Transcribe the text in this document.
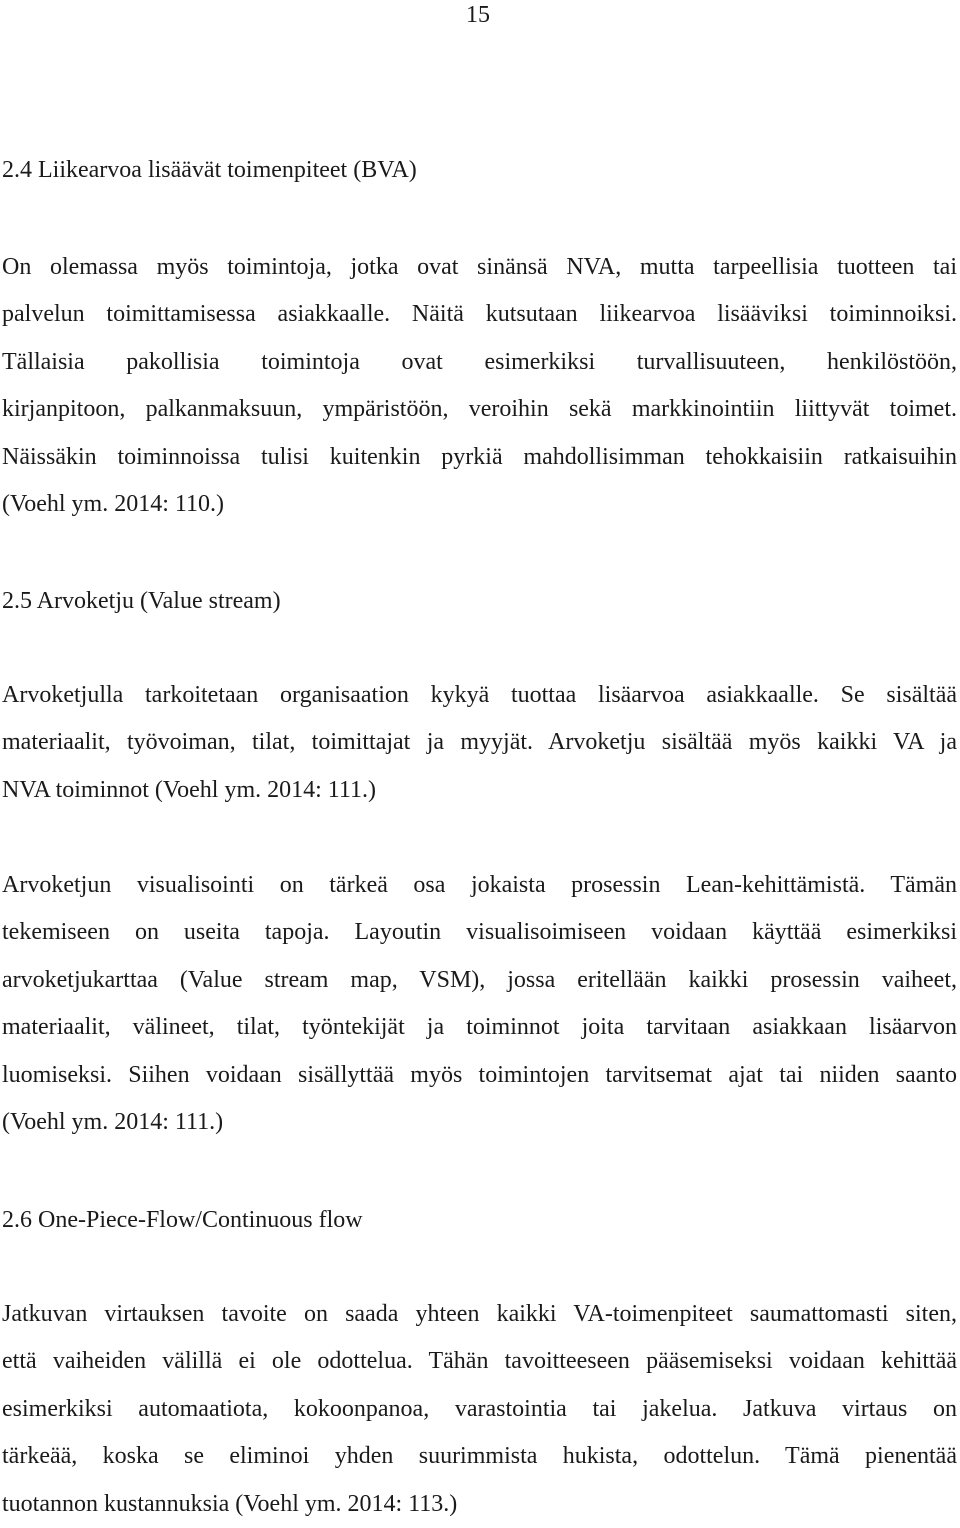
15
2.4 Liikearvoa lisäävät toimenpiteet (BVA)
On olemassa myös toimintoja, jotka ovat sinänsä NVA, mutta tarpeellisia tuotteen tai
palvelun toimittamisessa asiakkaalle. Näitä kutsutaan liikearvoa lisääviksi toiminnoiksi.
Tällaisia pakollisia toimintoja ovat esimerkiksi turvallisuuteen, henkilöstöön,
kirjanpitoon, palkanmaksuun, ympäristöön, veroihin sekä markkinointiin liittyvät toimet.
Näissäkin toiminnoissa tulisi kuitenkin pyrkiä mahdollisimman tehokkaisiin ratkaisuihin
(Voehl ym. 2014: 110.)
2.5 Arvoketju (Value stream)
Arvoketjulla tarkoitetaan organisaation kykyä tuottaa lisäarvoa asiakkaalle. Se sisältää
materiaalit, työvoiman, tilat, toimittajat ja myyjät. Arvoketju sisältää myös kaikki VA ja
NVA toiminnot (Voehl ym. 2014: 111.)
Arvoketjun visualisointi on tärkeä osa jokaista prosessin Lean-kehittämistä. Tämän
tekemiseen on useita tapoja. Layoutin visualisoimiseen voidaan käyttää esimerkiksi
arvoketjukarttaa (Value stream map, VSM), jossa eritellään kaikki prosessin vaiheet,
materiaalit, välineet, tilat, työntekijät ja toiminnot joita tarvitaan asiakkaan lisäarvon
luomiseksi. Siihen voidaan sisällyttää myös toimintojen tarvitsemat ajat tai niiden saanto
(Voehl ym. 2014: 111.)
2.6 One-Piece-Flow/Continuous flow
Jatkuvan virtauksen tavoite on saada yhteen kaikki VA-toimenpiteet saumattomasti siten,
että vaiheiden välillä ei ole odottelua. Tähän tavoitteeseen pääsemiseksi voidaan kehittää
esimerkiksi automaatiota, kokoonpanoa, varastointia tai jakelua. Jatkuva virtaus on
tärkeää, koska se eliminoi yhden suurimmista hukista, odottelun. Tämä pienentää
tuotannon kustannuksia (Voehl ym. 2014: 113.)
